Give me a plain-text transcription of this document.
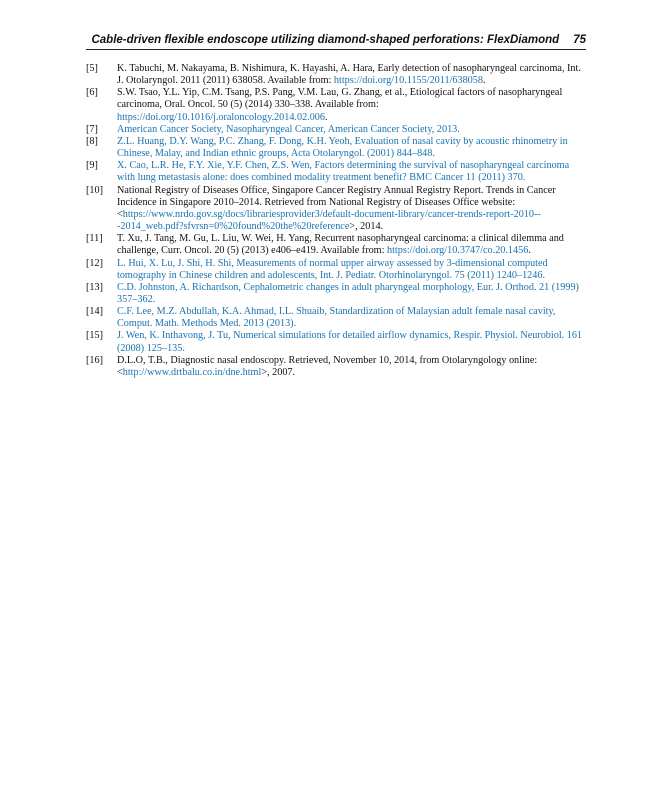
Cable-driven flexible endoscope utilizing diamond-shaped perforations: FlexDiamond 75
[5]	K. Tabuchi, M. Nakayama, B. Nishimura, K. Hayashi, A. Hara, Early detection of nasopharyngeal carcinoma, Int. J. Otolaryngol. 2011 (2011) 638058. Available from: https://doi.org/10.1155/2011/638058.
[6]	S.W. Tsao, Y.L. Yip, C.M. Tsang, P.S. Pang, V.M. Lau, G. Zhang, et al., Etiological factors of nasopharyngeal carcinoma, Oral. Oncol. 50 (5) (2014) 330–338. Available from: https://doi.org/10.1016/j.oraloncology.2014.02.006.
[7]	American Cancer Society, Nasopharyngeal Cancer, American Cancer Society, 2013.
[8]	Z.L. Huang, D.Y. Wang, P.C. Zhang, F. Dong, K.H. Yeoh, Evaluation of nasal cavity by acoustic rhinometry in Chinese, Malay, and Indian ethnic groups, Acta Otolaryngol. (2001) 844–848.
[9]	X. Cao, L.R. He, F.Y. Xie, Y.F. Chen, Z.S. Wen, Factors determining the survival of nasopharyngeal carcinoma with lung metastasis alone: does combined modality treatment benefit? BMC Cancer 11 (2011) 370.
[10]	National Registry of Diseases Office, Singapore Cancer Registry Annual Registry Report. Trends in Cancer Incidence in Singapore 2010–2014. Retrieved from National Registry of Diseases Office website: <https://www.nrdo.gov.sg/docs/librariesprovider3/default-document-library/cancer-trends-report-2010---2014_web.pdf?sfvrsn=0%20found%20the%20reference>, 2014.
[11]	T. Xu, J. Tang, M. Gu, L. Liu, W. Wei, H. Yang, Recurrent nasopharyngeal carcinoma: a clinical dilemma and challenge, Curr. Oncol. 20 (5) (2013) e406–e419. Available from: https://doi.org/10.3747/co.20.1456.
[12]	L. Hui, X. Lu, J. Shi, H. Shi, Measurements of normal upper airway assessed by 3-dimensional computed tomography in Chinese children and adolescents, Int. J. Pediatr. Otorhinolaryngol. 75 (2011) 1240–1246.
[13]	C.D. Johnston, A. Richardson, Cephalometric changes in adult pharyngeal morphology, Eur. J. Orthod. 21 (1999) 357–362.
[14]	C.F. Lee, M.Z. Abdullah, K.A. Ahmad, I.L. Shuaib, Standardization of Malaysian adult female nasal cavity, Comput. Math. Methods Med. 2013 (2013).
[15]	J. Wen, K. Inthavong, J. Tu, Numerical simulations for detailed airflow dynamics, Respir. Physiol. Neurobiol. 161 (2008) 125–135.
[16]	D.L.O, T.B., Diagnostic nasal endoscopy. Retrieved, November 10, 2014, from Otolaryngology online: <http://www.drtbalu.co.in/dne.html>, 2007.
